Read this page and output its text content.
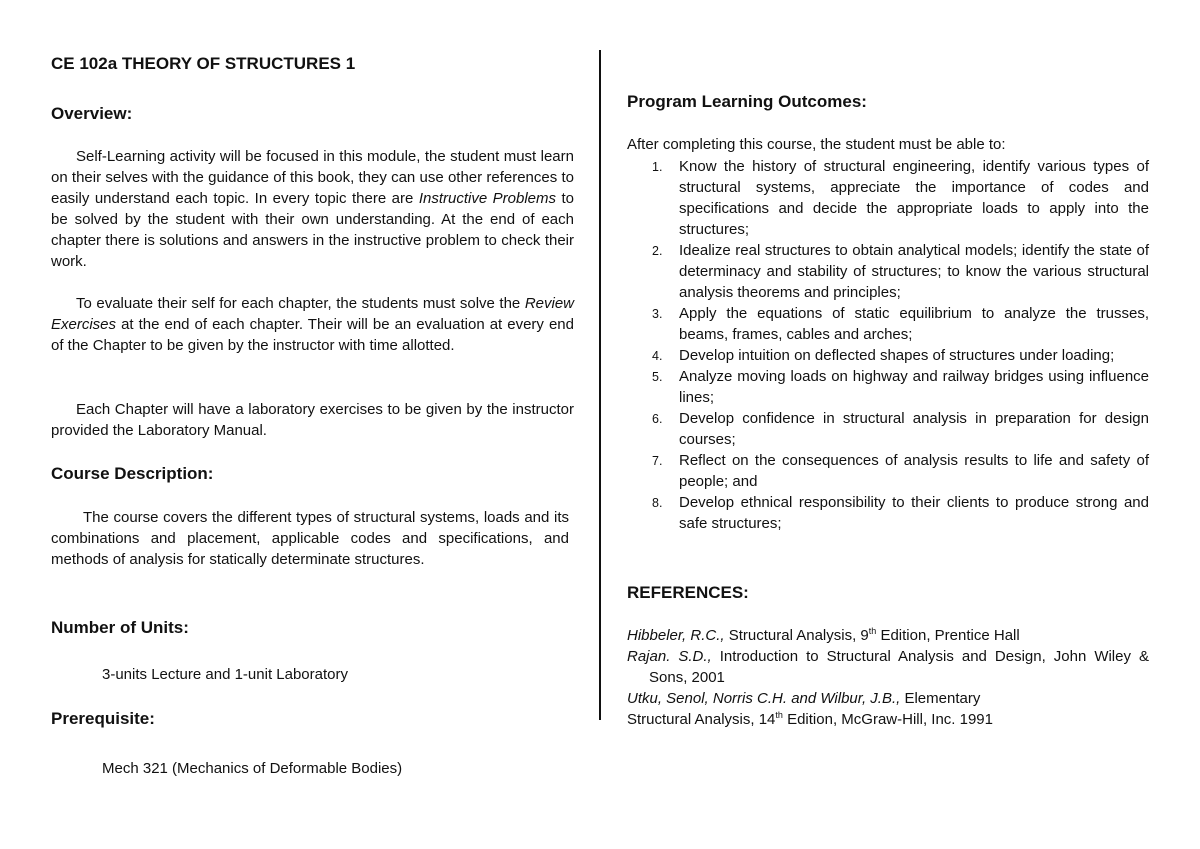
CE 102a THEORY OF STRUCTURES 1
Overview:

Self-Learning activity will be focused in this module, the student must learn on their selves with the guidance of this book, they can use other references to easily understand each topic. In every topic there are Instructive Problems to be solved by the student with their own understanding. At the end of each chapter there is solutions and answers in the instructive problem to check their work.

To evaluate their self for each chapter, the students must solve the Review Exercises at the end of each chapter. Their will be an evaluation at every end of the Chapter to be given by the instructor with time allotted.

Each Chapter will have a laboratory exercises to be given by the instructor provided the Laboratory Manual.

Course Description:

The course covers the different types of structural systems, loads and its combinations and placement, applicable codes and specifications, and methods of analysis for statically determinate structures.

Number of Units:

3-units Lecture and 1-unit Laboratory

Prerequisite:

Mech 321 (Mechanics of Deformable Bodies)

Program Learning Outcomes:

After completing this course, the student must be able to:

1. Know the history of structural engineering, identify various types of structural systems, appreciate the importance of codes and specifications and decide the appropriate loads to apply into the structures;
2. Idealize real structures to obtain analytical models; identify the state of determinacy and stability of structures; to know the various structural analysis theorems and principles;
3. Apply the equations of static equilibrium to analyze the trusses, beams, frames, cables and arches;
4. Develop intuition on deflected shapes of structures under loading;
5. Analyze moving loads on highway and railway bridges using influence lines;
6. Develop confidence in structural analysis in preparation for design courses;
7. Reflect on the consequences of analysis results to life and safety of people; and
8. Develop ethnical responsibility to their clients to produce strong and safe structures;
REFERENCES:
Hibbeler, R.C., Structural Analysis, 9th Edition, Prentice Hall
Rajan. S.D., Introduction to Structural Analysis and Design, John Wiley & Sons, 2001
Utku, Senol, Norris C.H. and Wilbur, J.B., Elementary
Structural Analysis, 14th Edition, McGraw-Hill, Inc. 1991
